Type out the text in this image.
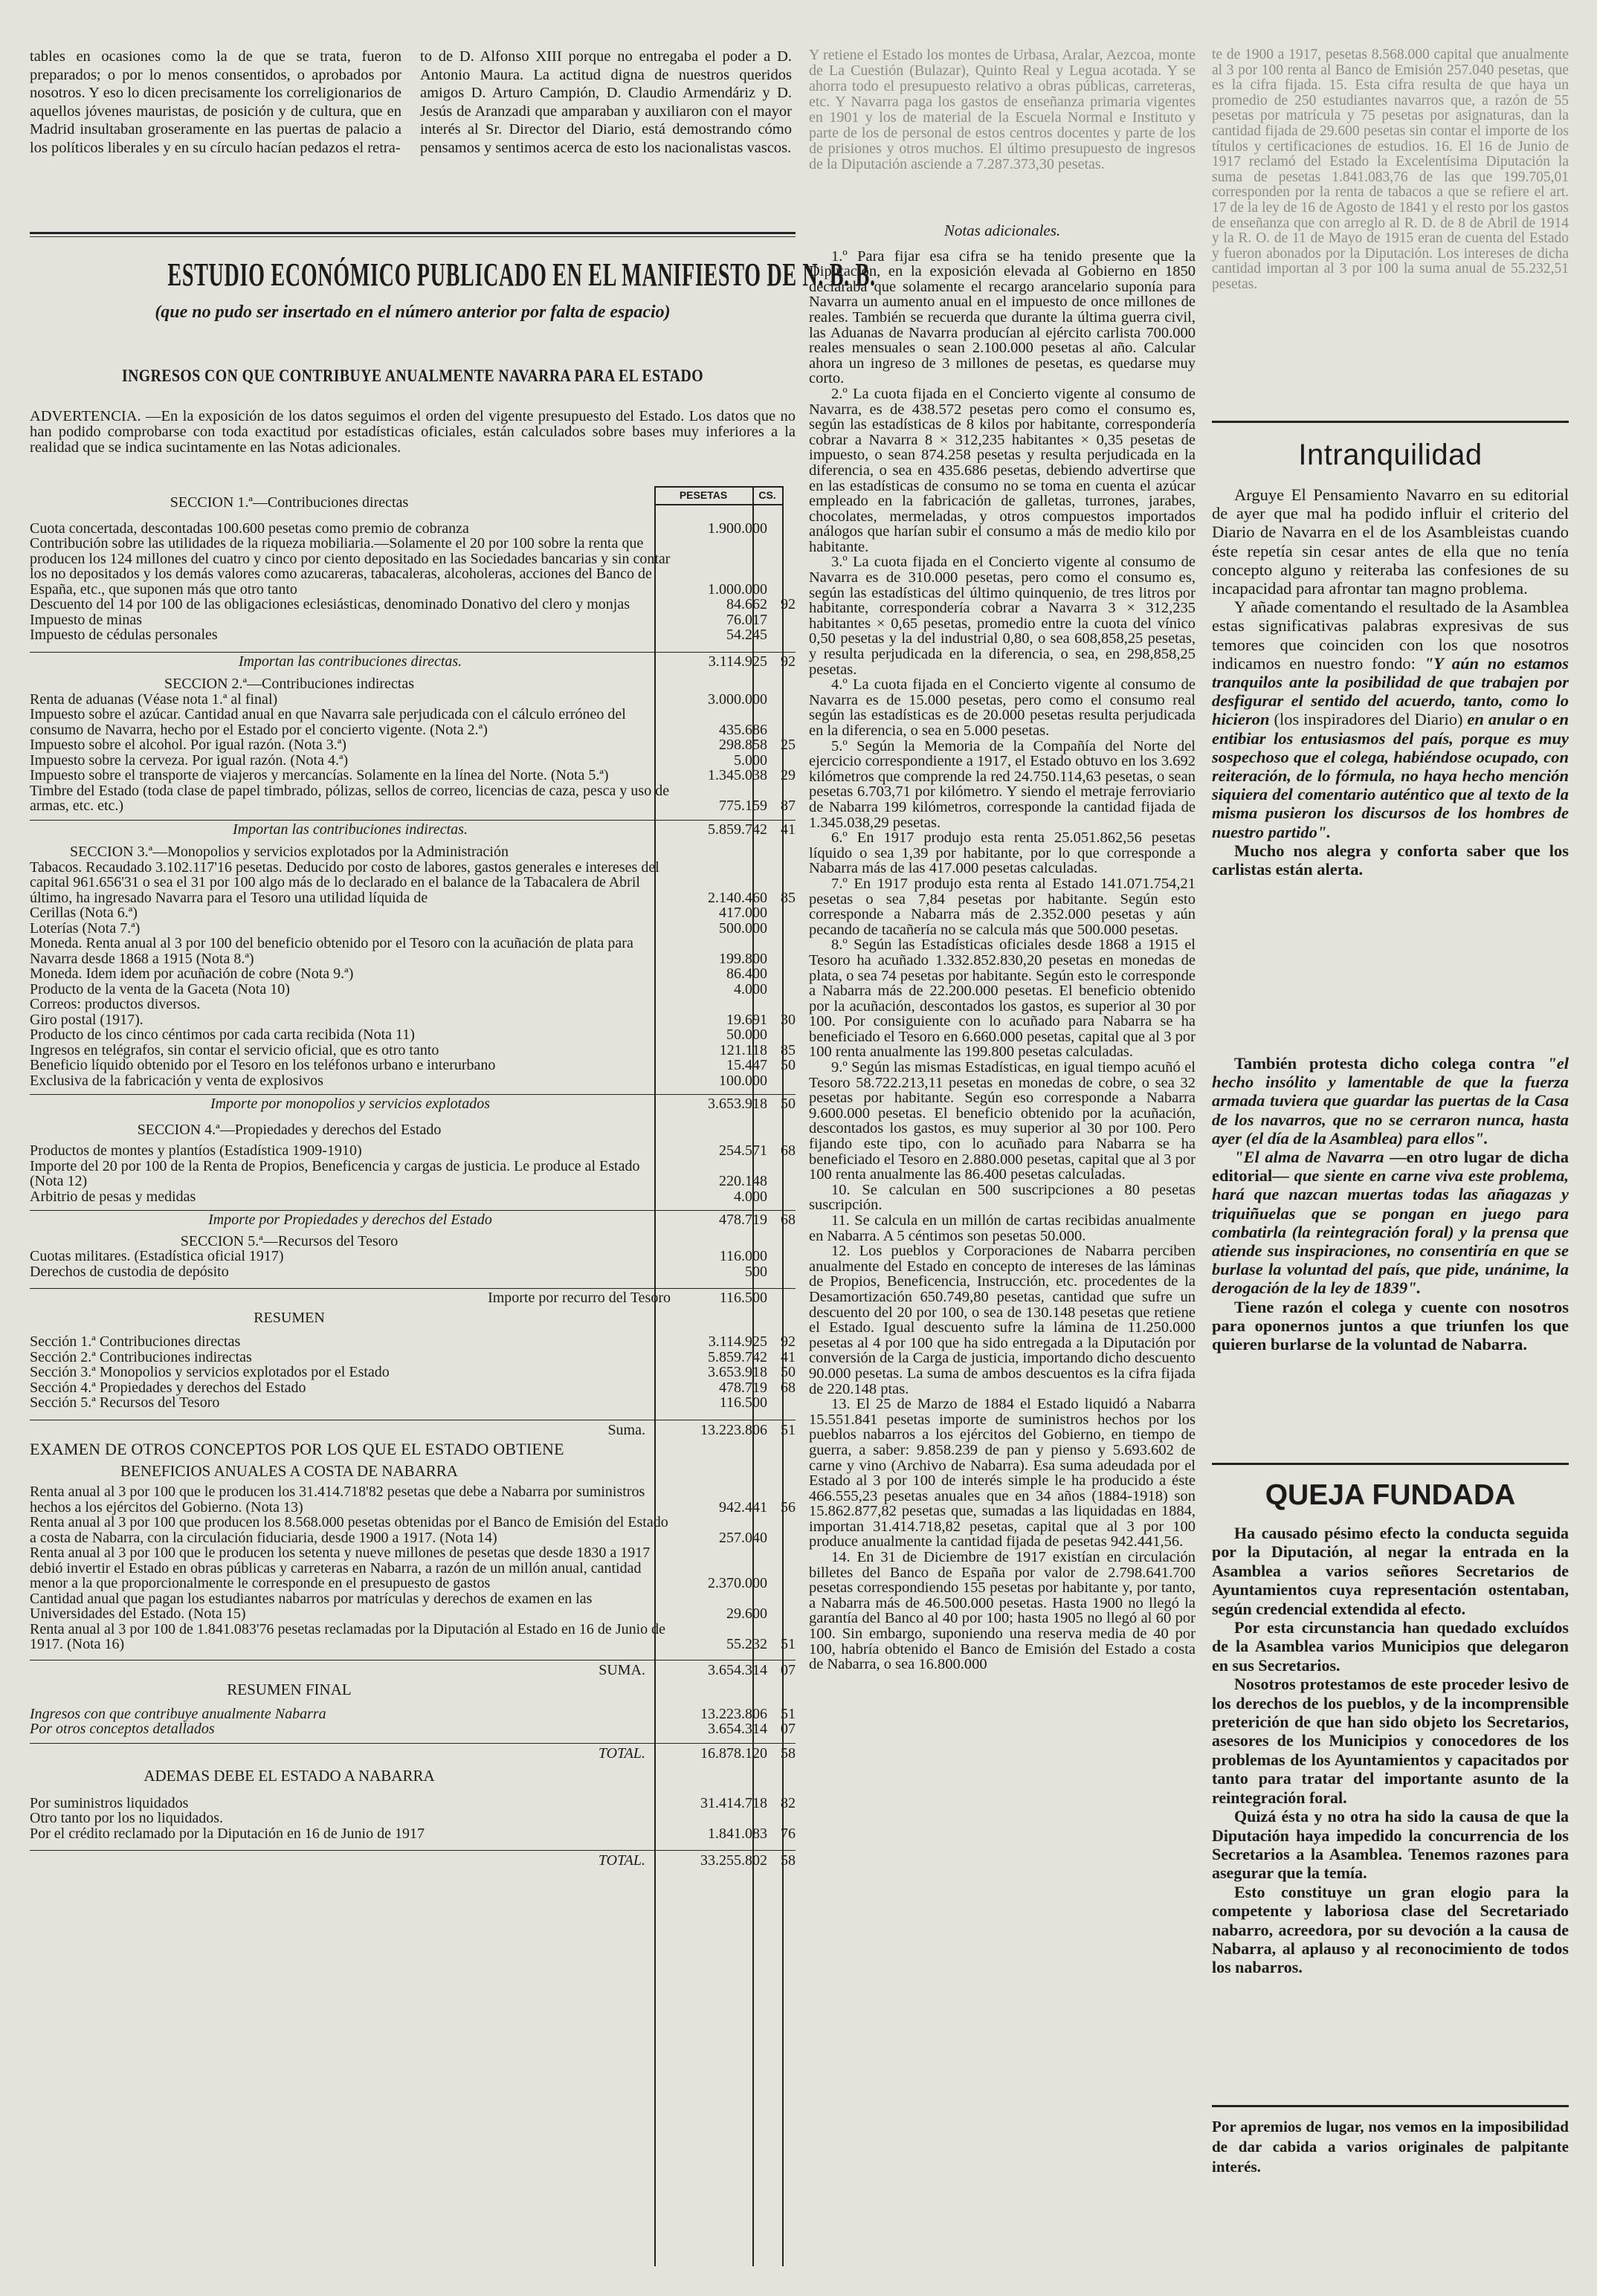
tables en ocasiones como la de que se trata, fueron preparados; o por lo menos consentidos, o aprobados por nosotros. Y eso lo dicen precisamente los correligionarios de aquellos jóvenes mauristas, de posición y de cultura, que en Madrid insultaban groseramente en las puertas de palacio a los políticos liberales y en su círculo hacían pedazos el retra-

to de D. Alfonso XIII porque no entregaba el poder a D. Antonio Maura. La actitud digna de nuestros queridos amigos D. Arturo Campión, D. Claudio Armendáriz y D. Jesús de Aranzadi que amparaban y auxiliaron con el mayor interés al Sr. Director del Diario, está demostrando cómo pensamos y sentimos acerca de esto los nacionalistas vascos.

Y retiene el Estado los montes de Urbasa, Aralar, Aezcoa, monte de La Cuestión (Bulazar), Quinto Real y Legua acotada. Y se ahorra todo el presupuesto relativo a obras públicas, carreteras, etc. Y Navarra paga los gastos de enseñanza primaria vigentes en 1901 y los de material de la Escuela Normal e Instituto y parte de los de personal de estos centros docentes y parte de los de prisiones y otros muchos. El último presupuesto de ingresos de la Diputación asciende a 7.287.373,30 pesetas.

te de 1900 a 1917, pesetas 8.568.000 capital que anualmente al 3 por 100 renta al Banco de Emisión 257.040 pesetas, que es la cifra fijada. 15. Esta cifra resulta de que haya un promedio de 250 estudiantes navarros que, a razón de 55 pesetas por matrícula y 75 pesetas por asignaturas, dan la cantidad fijada de 29.600 pesetas sin contar el importe de los títulos y certificaciones de estudios. 16. El 16 de Junio de 1917 reclamó del Estado la Excelentísima Diputación la suma de pesetas 1.841.083,76 de las que 199.705,01 corresponden por la renta de tabacos a que se refiere el art. 17 de la ley de 16 de Agosto de 1841 y el resto por los gastos de enseñanza que con arreglo al R. D. de 8 de Abril de 1914 y la R. O. de 11 de Mayo de 1915 eran de cuenta del Estado y fueron abonados por la Diputación. Los intereses de dicha cantidad importan al 3 por 100 la suma anual de 55.232,51 pesetas.

ESTUDIO ECONÓMICO PUBLICADO EN EL MANIFIESTO DE N. B. B.
(que no pudo ser insertado en el número anterior por falta de espacio)
INGRESOS CON QUE CONTRIBUYE ANUALMENTE NAVARRA PARA EL ESTADO
ADVERTENCIA. —En la exposición de los datos seguimos el orden del vigente presupuesto del Estado. Los datos que no han podido comprobarse con toda exactitud por estadísticas oficiales, están calculados sobre bases muy inferiores a la realidad que se indica sucintamente en las Notas adicionales.
PESETAS	CS.
SECCION 1.ª—Contribuciones directas
Cuota concertada, descontadas 100.600 pesetas como premio de cobranza	1.900.000
Contribución sobre las utilidades de la riqueza mobiliaria.—Solamente el 20 por 100 sobre la renta que producen los 124 millones del cuatro y cinco por ciento depositado en las Sociedades bancarias y sin contar los no depositados y los demás valores como azucareras, tabacaleras, alcoholeras, acciones del Banco de España, etc., que suponen más que otro tanto	1.000.000
Descuento del 14 por 100 de las obligaciones eclesiásticas, denominado Donativo del clero y monjas	84.662 92
Impuesto de minas	76.017
Impuesto de cédulas personales	54.245
Importan las contribuciones directas.	3.114.925 92
SECCION 2.ª—Contribuciones indirectas
Renta de aduanas (Véase nota 1.ª al final)	3.000.000
Impuesto sobre el azúcar. Cantidad anual en que Navarra sale perjudicada con el cálculo erróneo del consumo de Navarra, hecho por el Estado por el concierto vigente. (Nota 2.ª)	435.686
Impuesto sobre el alcohol. Por igual razón. (Nota 3.ª)	298.858 25
Impuesto sobre la cerveza. Por igual razón. (Nota 4.ª)	5.000
Impuesto sobre el transporte de viajeros y mercancías. Solamente en la línea del Norte. (Nota 5.ª)	1.345.038 29
Timbre del Estado (toda clase de papel timbrado, pólizas, sellos de correo, licencias de caza, pesca y uso de armas, etc. etc.)	775.159 87
Importan las contribuciones indirectas.	5.859.742 41
SECCION 3.ª—Monopolios y servicios explotados por la Administración
Tabacos. Recaudado 3.102.117'16 pesetas. Deducido por costo de labores, gastos generales e intereses del capital 961.656'31 o sea el 31 por 100 algo más de lo declarado en el balance de la Tabacalera de Abril último, ha ingresado Navarra para el Tesoro una utilidad líquida de	2.140.460 85
Cerillas (Nota 6.ª)	417.000
Loterías (Nota 7.ª)	500.000
Moneda. Renta anual al 3 por 100 del beneficio obtenido por el Tesoro con la acuñación de plata para Navarra desde 1868 a 1915 (Nota 8.ª)	199.800
Moneda. Idem idem por acuñación de cobre (Nota 9.ª)	86.400
Producto de la venta de la Gaceta (Nota 10)	4.000
Correos: productos diversos.
Giro postal (1917).	19.691 30
Producto de los cinco céntimos por cada carta recibida (Nota 11)	50.000
Ingresos en telégrafos, sin contar el servicio oficial, que es otro tanto	121.118 85
Beneficio líquido obtenido por el Tesoro en los teléfonos urbano e interurbano	15.447 50
Exclusiva de la fabricación y venta de explosivos	100.000
Importe por monopolios y servicios explotados	3.653.918 50
SECCION 4.ª—Propiedades y derechos del Estado
Productos de montes y plantíos (Estadística 1909-1910)	254.571 68
Importe del 20 por 100 de la Renta de Propios, Beneficencia y cargas de justicia. Le produce al Estado (Nota 12)	220.148
Arbitrio de pesas y medidas	4.000
Importe por Propiedades y derechos del Estado	478.719 68
SECCION 5.ª—Recursos del Tesoro
Cuotas militares. (Estadística oficial 1917)	116.000
Derechos de custodia de depósito	500
Importe por recurro del Tesoro	116.500
RESUMEN
Sección 1.ª Contribuciones directas	3.114.925 92
Sección 2.ª Contribuciones indirectas	5.859.742 41
Sección 3.ª Monopolios y servicios explotados por el Estado	3.653.918 50
Sección 4.ª Propiedades y derechos del Estado	478.719 68
Sección 5.ª Recursos del Tesoro	116.500
Suma.	13.223.806 51
EXAMEN DE OTROS CONCEPTOS POR LOS QUE EL ESTADO OBTIENE
BENEFICIOS ANUALES A COSTA DE NABARRA
Renta anual al 3 por 100 que le producen los 31.414.718'82 pesetas que debe a Nabarra por suministros hechos a los ejércitos del Gobierno. (Nota 13)	942.441 56
Renta anual al 3 por 100 que producen los 8.568.000 pesetas obtenidas por el Banco de Emisión del Estado a costa de Nabarra, con la circulación fiduciaria, desde 1900 a 1917. (Nota 14)	257.040
Renta anual al 3 por 100 que le producen los setenta y nueve millones de pesetas que desde 1830 a 1917 debió invertir el Estado en obras públicas y carreteras en Nabarra, a razón de un millón anual, cantidad menor a la que proporcionalmente le corresponde en el presupuesto de gastos	2.370.000
Cantidad anual que pagan los estudiantes nabarros por matrículas y derechos de examen en las Universidades del Estado. (Nota 15)	29.600
Renta anual al 3 por 100 de 1.841.083'76 pesetas reclamadas por la Diputación al Estado en 16 de Junio de 1917. (Nota 16)	55.232 51
SUMA.	3.654.314 07
RESUMEN FINAL
Ingresos con que contribuye anualmente Nabarra	13.223.806 51
Por otros conceptos detallados	3.654.314 07
TOTAL.	16.878.120 58
ADEMAS DEBE EL ESTADO A NABARRA
Por suministros liquidados	31.414.718 82
Otro tanto por los no liquidados.
Por el crédito reclamado por la Diputación en 16 de Junio de 1917	1.841.083 76
TOTAL.	33.255.802 58
Notas adicionales.

1.º Para fijar esa cifra se ha tenido presente que la Diputación, en la exposición elevada al Gobierno en 1850 declaraba que solamente el recargo arancelario suponía para Navarra un aumento anual en el impuesto de once millones de reales. También se recuerda que durante la última guerra civil, las Aduanas de Navarra producían al ejército carlista 700.000 reales mensuales o sean 2.100.000 pesetas al año. Calcular ahora un ingreso de 3 millones de pesetas, es quedarse muy corto.

2.º La cuota fijada en el Concierto vigente al consumo de Navarra, es de 438.572 pesetas pero como el consumo es, según las estadísticas de 8 kilos por habitante, correspondería cobrar a Navarra 8 × 312,235 habitantes × 0,35 pesetas de impuesto, o sean 874.258 pesetas y resulta perjudicada en la diferencia, o sea en 435.686 pesetas, debiendo advertirse que en las estadísticas de consumo no se toma en cuenta el azúcar empleado en la fabricación de galletas, turrones, jarabes, chocolates, mermeladas, y otros compuestos importados análogos que harían subir el consumo a más de medio kilo por habitante.

3.º La cuota fijada en el Concierto vigente al consumo de Navarra es de 310.000 pesetas, pero como el consumo es, según las estadísticas del último quinquenio, de tres litros por habitante, correspondería cobrar a Navarra 3 × 312,235 habitantes × 0,65 pesetas, promedio entre la cuota del vínico 0,50 pesetas y la del industrial 0,80, o sea 608,858,25 pesetas, y resulta perjudicada en la diferencia, o sea, en 298,858,25 pesetas.

4.º La cuota fijada en el Concierto vigente al consumo de Navarra es de 15.000 pesetas, pero como el consumo real según las estadísticas es de 20.000 pesetas resulta perjudicada en la diferencia, o sea en 5.000 pesetas.

5.º Según la Memoria de la Compañía del Norte del ejercicio correspondiente a 1917, el Estado obtuvo en los 3.692 kilómetros que comprende la red 24.750.114,63 pesetas, o sean pesetas 6.703,71 por kilómetro. Y siendo el metraje ferroviario de Nabarra 199 kilómetros, corresponde la cantidad fijada de 1.345.038,29 pesetas.

6.º En 1917 produjo esta renta 25.051.862,56 pesetas líquido o sea 1,39 por habitante, por lo que corresponde a Nabarra más de las 417.000 pesetas calculadas.

7.º En 1917 produjo esta renta al Estado 141.071.754,21 pesetas o sea 7,84 pesetas por habitante. Según esto corresponde a Nabarra más de 2.352.000 pesetas y aún pecando de tacañería no se calcula más que 500.000 pesetas.

8.º Según las Estadísticas oficiales desde 1868 a 1915 el Tesoro ha acuñado 1.332.852.830,20 pesetas en monedas de plata, o sea 74 pesetas por habitante. Según esto le corresponde a Nabarra más de 22.200.000 pesetas. El beneficio obtenido por la acuñación, descontados los gastos, es superior al 30 por 100. Por consiguiente con lo acuñado para Nabarra se ha beneficiado el Tesoro en 6.660.000 pesetas, capital que al 3 por 100 renta anualmente las 199.800 pesetas calculadas.

9.º Según las mismas Estadísticas, en igual tiempo acuñó el Tesoro 58.722.213,11 pesetas en monedas de cobre, o sea 32 pesetas por habitante. Según eso corresponde a Nabarra 9.600.000 pesetas. El beneficio obtenido por la acuñación, descontados los gastos, es muy superior al 30 por 100. Pero fijando este tipo, con lo acuñado para Nabarra se ha beneficiado el Tesoro en 2.880.000 pesetas, capital que al 3 por 100 renta anualmente las 86.400 pesetas calculadas.

10. Se calculan en 500 suscripciones a 80 pesetas suscripción.

11. Se calcula en un millón de cartas recibidas anualmente en Nabarra. A 5 céntimos son pesetas 50.000.

12. Los pueblos y Corporaciones de Nabarra perciben anualmente del Estado en concepto de intereses de las láminas de Propios, Beneficencia, Instrucción, etc. procedentes de la Desamortización 650.749,80 pesetas, cantidad que sufre un descuento del 20 por 100, o sea de 130.148 pesetas que retiene el Estado. Igual descuento sufre la lámina de 11.250.000 pesetas al 4 por 100 que ha sido entregada a la Diputación por conversión de la Carga de justicia, importando dicho descuento 90.000 pesetas. La suma de ambos descuentos es la cifra fijada de 220.148 ptas.

13. El 25 de Marzo de 1884 el Estado liquidó a Nabarra 15.551.841 pesetas importe de suministros hechos por los pueblos nabarros a los ejércitos del Gobierno, en tiempo de guerra, a saber: 9.858.239 de pan y pienso y 5.693.602 de carne y vino (Archivo de Nabarra). Esa suma adeudada por el Estado al 3 por 100 de interés simple le ha producido a éste 466.555,23 pesetas anuales que en 34 años (1884-1918) son 15.862.877,82 pesetas que, sumadas a las liquidadas en 1884, importan 31.414.718,82 pesetas, capital que al 3 por 100 produce anualmente la cantidad fijada de pesetas 942.441,56.

14. En 31 de Diciembre de 1917 existían en circulación billetes del Banco de España por valor de 2.798.641.700 pesetas correspondiendo 155 pesetas por habitante y, por tanto, a Nabarra más de 46.500.000 pesetas. Hasta 1900 no llegó la garantía del Banco al 40 por 100; hasta 1905 no llegó al 60 por 100. Sin embargo, suponiendo una reserva media de 40 por 100, habría obtenido el Banco de Emisión del Estado a costa de Nabarra, o sea 16.800.000

Intranquilidad

Arguye El Pensamiento Navarro en su editorial de ayer que mal ha podido influir el criterio del Diario de Navarra en el de los Asambleistas cuando éste repetía sin cesar antes de ella que no tenía concepto alguno y reiteraba las confesiones de su incapacidad para afrontar tan magno problema.

Y añade comentando el resultado de la Asamblea estas significativas palabras expresivas de sus temores que coinciden con los que nosotros indicamos en nuestro fondo: "Y aún no estamos tranquilos ante la posibilidad de que trabajen por desfigurar el sentido del acuerdo, tanto, como lo hicieron (los inspiradores del Diario) en anular o en entibiar los entusiasmos del país, porque es muy sospechoso que el colega, habiéndose ocupado, con reiteración, de lo fórmula, no haya hecho mención siquiera del comentario auténtico que al texto de la misma pusieron los discursos de los hombres de nuestro partido".

Mucho nos alegra y conforta saber que los carlistas están alerta.

También protesta dicho colega contra "el hecho insólito y lamentable de que la fuerza armada tuviera que guardar las puertas de la Casa de los navarros, que no se cerraron nunca, hasta ayer (el día de la Asamblea) para ellos".

"El alma de Navarra —en otro lugar de dicha editorial— que siente en carne viva este problema, hará que nazcan muertas todas las añagazas y triquiñuelas que se pongan en juego para combatirla (la reintegración foral) y la prensa que atiende sus inspiraciones, no consentiría en que se burlase la voluntad del país, que pide, unánime, la derogación de la ley de 1839".

Tiene razón el colega y cuente con nosotros para oponernos juntos a que triunfen los que quieren burlarse de la voluntad de Nabarra.

QUEJA FUNDADA

Ha causado pésimo efecto la conducta seguida por la Diputación, al negar la entrada en la Asamblea a varios señores Secretarios de Ayuntamientos cuya representación ostentaban, según credencial extendida al efecto.

Por esta circunstancia han quedado excluídos de la Asamblea varios Municipios que delegaron en sus Secretarios.

Nosotros protestamos de este proceder lesivo de los derechos de los pueblos, y de la incomprensible preterición de que han sido objeto los Secretarios, asesores de los Municipios y conocedores de los problemas de los Ayuntamientos y capacitados por tanto para tratar del importante asunto de la reintegración foral.

Quizá ésta y no otra ha sido la causa de que la Diputación haya impedido la concurrencia de los Secretarios a la Asamblea. Tenemos razones para asegurar que la temía.

Esto constituye un gran elogio para la competente y laboriosa clase del Secretariado nabarro, acreedora, por su devoción a la causa de Nabarra, al aplauso y al reconocimiento de todos los nabarros.

Por apremios de lugar, nos vemos en la imposibilidad de dar cabida a varios originales de palpitante interés.
